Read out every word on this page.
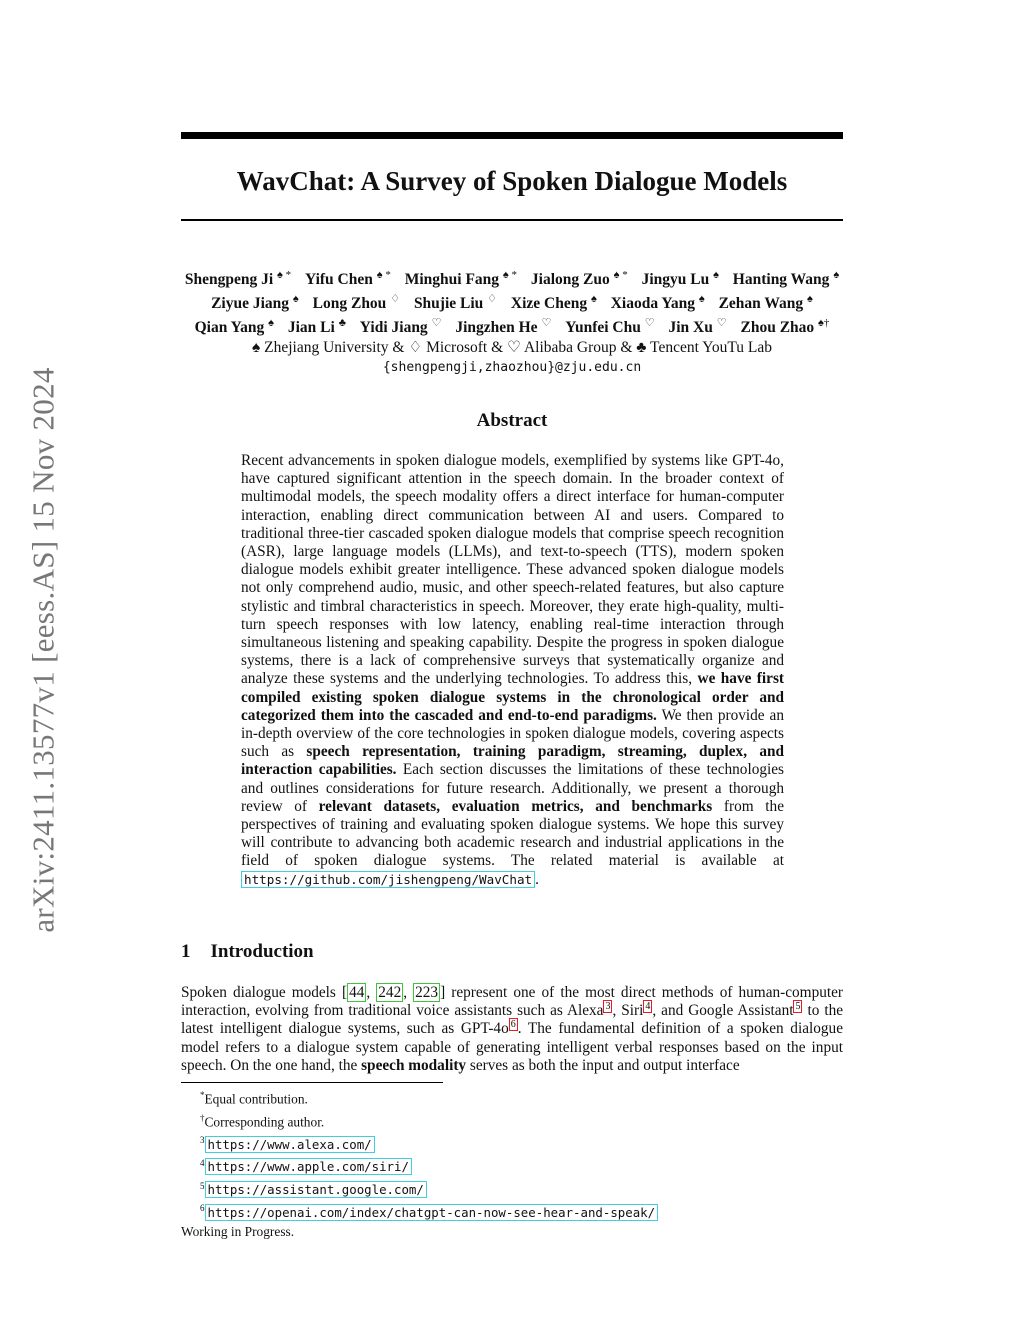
arXiv:2411.13577v1 [eess.AS] 15 Nov 2024
WavChat: A Survey of Spoken Dialogue Models
Shengpeng Ji ♠ * Yifu Chen ♠ * Minghui Fang ♠ * Jialong Zuo ♠ * Jingyu Lu ♠ Hanting Wang ♠
Ziyue Jiang ♠ Long Zhou ♢ Shujie Liu ♢ Xize Cheng ♠ Xiaoda Yang ♠ Zehan Wang ♠
Qian Yang ♠ Jian Li ♣ Yidi Jiang ♡ Jingzhen He ♡ Yunfei Chu ♡ Jin Xu ♡ Zhou Zhao ♠†
♠ Zhejiang University & ♢ Microsoft & ♡ Alibaba Group & ♣ Tencent YouTu Lab
{shengpengji,zhaozhou}@zju.edu.cn
Abstract

Recent advancements in spoken dialogue models, exemplified by systems like GPT-4o, have captured significant attention in the speech domain. In the broader context of multimodal models, the speech modality offers a direct interface for human-computer interaction, enabling direct communication between AI and users. Compared to traditional three-tier cascaded spoken dialogue models that comprise speech recognition (ASR), large language models (LLMs), and text-to-speech (TTS), modern spoken dialogue models exhibit greater intelligence. These advanced spoken dialogue models not only comprehend audio, music, and other speech-related features, but also capture stylistic and timbral characteristics in speech. Moreover, they erate high-quality, multi-turn speech responses with low latency, enabling real-time interaction through simultaneous listening and speaking capability. Despite the progress in spoken dialogue systems, there is a lack of comprehensive surveys that systematically organize and analyze these systems and the underlying technologies. To address this, we have first compiled existing spoken dialogue systems in the chronological order and categorized them into the cascaded and end-to-end paradigms. We then provide an in-depth overview of the core technologies in spoken dialogue models, covering aspects such as speech representation, training paradigm, streaming, duplex, and interaction capabilities. Each section discusses the limitations of these technologies and outlines considerations for future research. Additionally, we present a thorough review of relevant datasets, evaluation metrics, and benchmarks from the perspectives of training and evaluating spoken dialogue systems. We hope this survey will contribute to advancing both academic research and industrial applications in the field of spoken dialogue systems. The related material is available at https://github.com/jishengpeng/WavChat .

1 Introduction

Spoken dialogue models [ 44 , 242 , 223 ] represent one of the most direct methods of human-computer interaction, evolving from traditional voice assistants such as Alexa $^3$ , Siri $^4$ , and Google Assistant $^5$ to the latest intelligent dialogue systems, such as GPT-4o $^6$ . The fundamental definition of a spoken dialogue model refers to a dialogue system capable of generating intelligent verbal responses based on the input speech. On the one hand, the speech modality serves as both the input and output interface

*Equal contribution.
†Corresponding author.
$^3$ https://www.alexa.com/
$^4$ https://www.apple.com/siri/
$^5$ https://assistant.google.com/
$^6$ https://openai.com/index/chatgpt-can-now-see-hear-and-speak/

Working in Progress.
